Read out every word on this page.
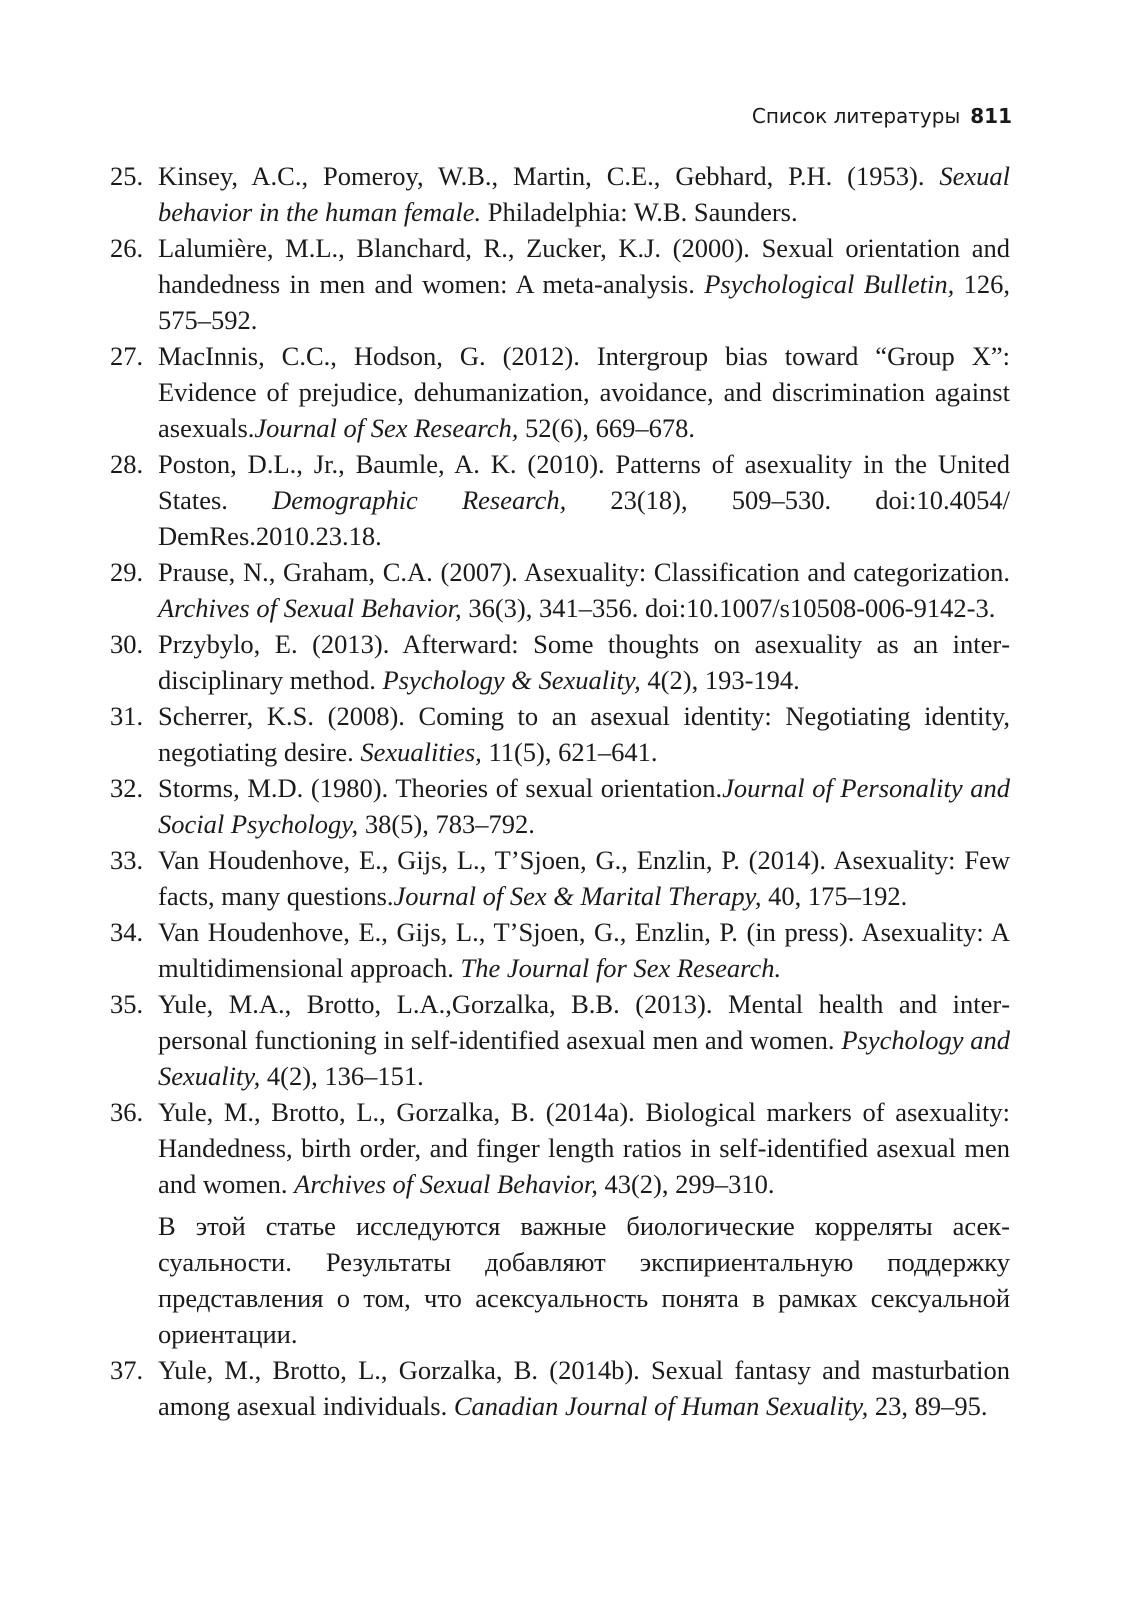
Список литературы 811
25. Kinsey, A.C., Pomeroy, W.B., Martin, C.E., Gebhard, P.H. (1953). Sexual behavior in the human female. Philadelphia: W.B. Saunders.
26. Lalumière, M.L., Blanchard, R., Zucker, K.J. (2000). Sexual orientation and handedness in men and women: A meta-analysis. Psychological Bulletin, 126, 575–592.
27. MacInnis, C.C., Hodson, G. (2012). Intergroup bias toward “Group X”: Evidence of prejudice, dehumanization, avoidance, and discrimination against asexuals.Journal of Sex Research, 52(6), 669–678.
28. Poston, D.L., Jr., Baumle, A. K. (2010). Patterns of asexuality in the United States. Demographic Research, 23(18), 509–530. doi:10.4054/ DemRes.2010.23.18.
29. Prause, N., Graham, C.A. (2007). Asexuality: Classification and categorization. Archives of Sexual Behavior, 36(3), 341–356. doi:10.1007/s10508-006-9142-3.
30. Przybylo, E. (2013). Afterward: Some thoughts on asexuality as an interdisciplinary method. Psychology & Sexuality, 4(2), 193-194.
31. Scherrer, K.S. (2008). Coming to an asexual identity: Negotiating identity, negotiating desire. Sexualities, 11(5), 621–641.
32. Storms, M.D. (1980). Theories of sexual orientation.Journal of Personality and Social Psychology, 38(5), 783–792.
33. Van Houdenhove, E., Gijs, L., T’Sjoen, G., Enzlin, P. (2014). Asexuality: Few facts, many questions.Journal of Sex & Marital Therapy, 40, 175–192.
34. Van Houdenhove, E., Gijs, L., T’Sjoen, G., Enzlin, P. (in press). Asexuality: A multidimensional approach. The Journal for Sex Research.
35. Yule, M.A., Brotto, L.A.,Gorzalka, B.B. (2013). Mental health and interpersonal functioning in self-identified asexual men and women. Psychology and Sexuality, 4(2), 136–151.
36. Yule, M., Brotto, L., Gorzalka, B. (2014a). Biological markers of asexuality: Handedness, birth order, and finger length ratios in self-identified asexual men and women. Archives of Sexual Behavior, 43(2), 299–310.
В этой статье исследуются важные биологические корреляты асексуальности. Результаты добавляют экспириентальную поддержку представления о том, что асексуальность понята в рамках сексуальной ориентации.
37. Yule, M., Brotto, L., Gorzalka, B. (2014b). Sexual fantasy and masturbation among asexual individuals. Canadian Journal of Human Sexuality, 23, 89–95.
